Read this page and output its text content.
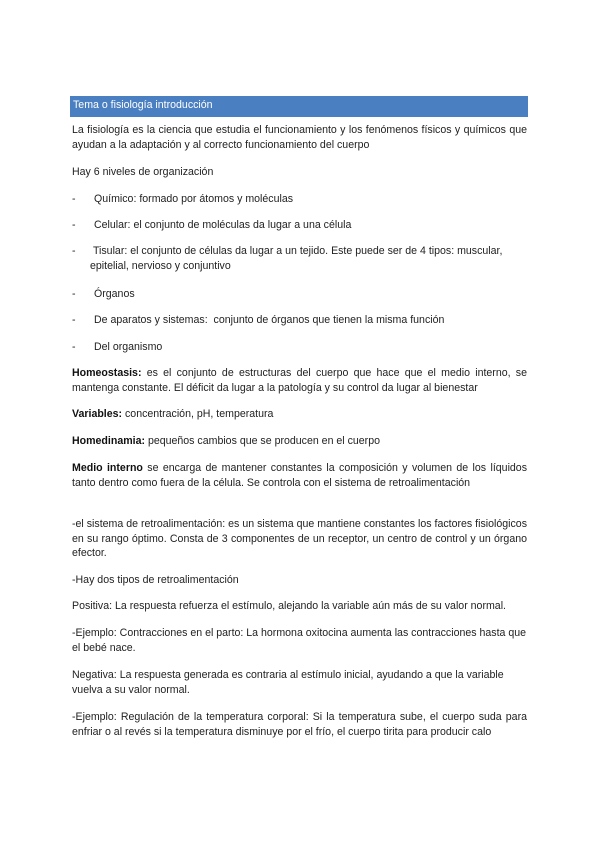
Tema o fisiología introducción

La fisiología es la ciencia que estudia el funcionamiento y los fenómenos físicos y químicos que ayudan a la adaptación y al correcto funcionamiento del cuerpo

Hay 6 niveles de organización

- Químico: formado por átomos y moléculas
- Celular: el conjunto de moléculas da lugar a una célula
- Tisular: el conjunto de células da lugar a un tejido. Este puede ser de 4 tipos: muscular, epitelial, nervioso y conjuntivo
- Órganos
- De aparatos y sistemas:  conjunto de órganos que tienen la misma función
- Del organismo

Homeostasis: es el conjunto de estructuras del cuerpo que hace que el medio interno, se mantenga constante. El déficit da lugar a la patología y su control da lugar al bienestar

Variables: concentración, pH, temperatura

Homedinamia: pequeños cambios que se producen en el cuerpo

Medio interno se encarga de mantener constantes la composición y volumen de los líquidos tanto dentro como fuera de la célula. Se controla con el sistema de retroalimentación

-el sistema de retroalimentación: es un sistema que mantiene constantes los factores fisiológicos en su rango óptimo. Consta de 3 componentes de un receptor, un centro de control y un órgano efector.

-Hay dos tipos de retroalimentación

Positiva: La respuesta refuerza el estímulo, alejando la variable aún más de su valor normal.

-Ejemplo: Contracciones en el parto: La hormona oxitocina aumenta las contracciones hasta que el bebé nace.

Negativa: La respuesta generada es contraria al estímulo inicial, ayudando a que la variable vuelva a su valor normal.

-Ejemplo: Regulación de la temperatura corporal: Si la temperatura sube, el cuerpo suda para enfriar o al revés si la temperatura disminuye por el frío, el cuerpo tirita para producir calo
